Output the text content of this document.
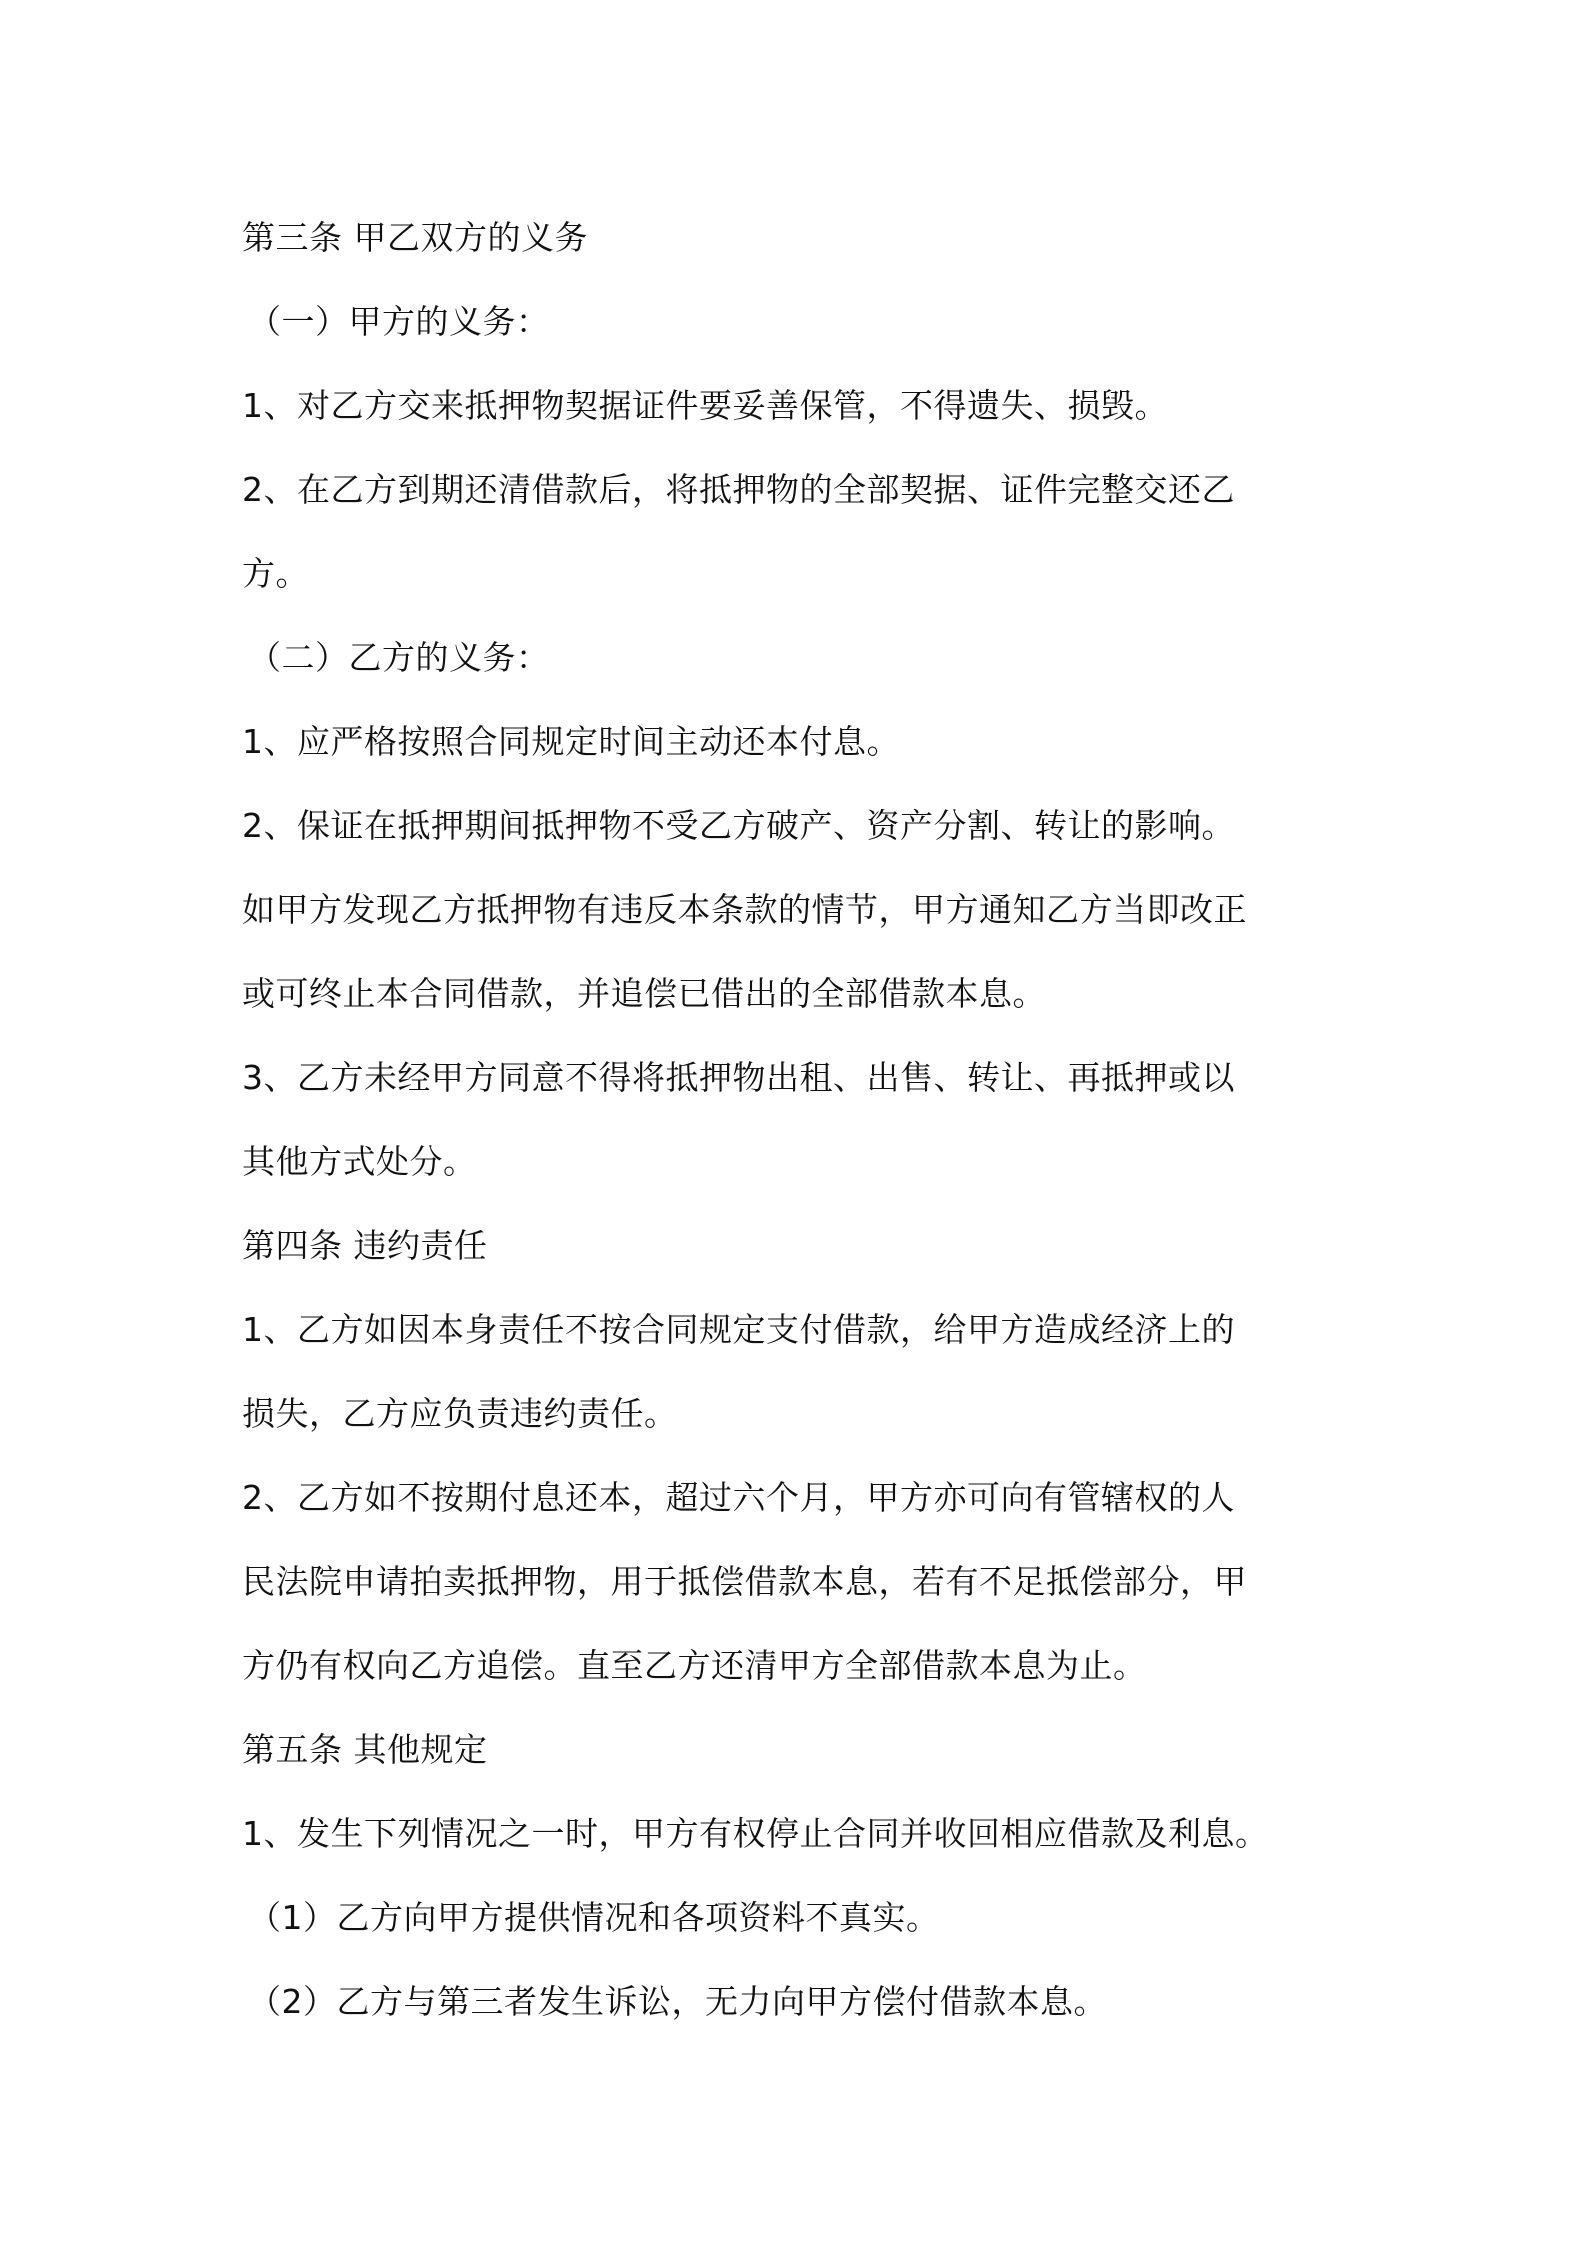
第三条 甲乙双方的义务
（一）甲方的义务：
1、对乙方交来抵押物契据证件要妥善保管，不得遗失、损毁。
2、在乙方到期还清借款后，将抵押物的全部契据、证件完整交还乙
方。
（二）乙方的义务：
1、应严格按照合同规定时间主动还本付息。
2、保证在抵押期间抵押物不受乙方破产、资产分割、转让的影响。
如甲方发现乙方抵押物有违反本条款的情节，甲方通知乙方当即改正
或可终止本合同借款，并追偿已借出的全部借款本息。
3、乙方未经甲方同意不得将抵押物出租、出售、转让、再抵押或以
其他方式处分。
第四条 违约责任
1、乙方如因本身责任不按合同规定支付借款，给甲方造成经济上的
损失，乙方应负责违约责任。
2、乙方如不按期付息还本，超过六个月，甲方亦可向有管辖权的人
民法院申请拍卖抵押物，用于抵偿借款本息，若有不足抵偿部分，甲
方仍有权向乙方追偿。直至乙方还清甲方全部借款本息为止。
第五条 其他规定
1、发生下列情况之一时，甲方有权停止合同并收回相应借款及利息。
（1）乙方向甲方提供情况和各项资料不真实。
（2）乙方与第三者发生诉讼，无力向甲方偿付借款本息。
